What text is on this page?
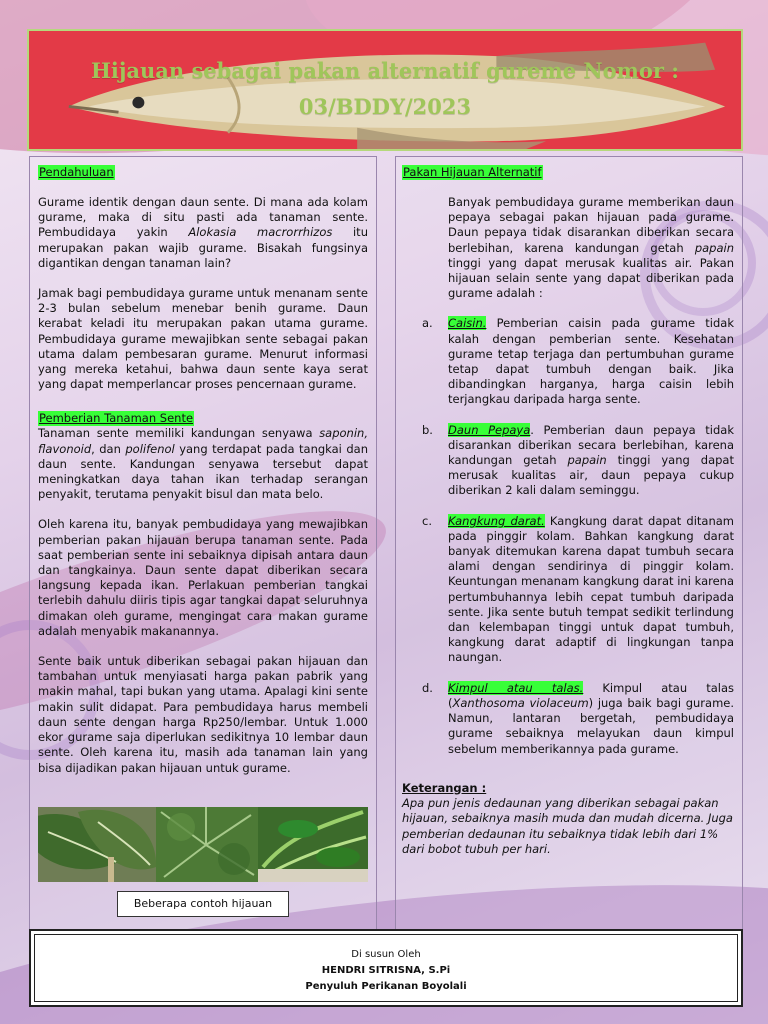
Hijauan sebagai pakan alternatif gureme Nomor : 03/BDDY/2023
Pendahuluan

Gurame identik dengan daun sente. Di mana ada kolam gurame, maka di situ pasti ada tanaman sente. Pembudidaya yakin Alokasia macrorrhizos itu merupakan pakan wajib gurame. Bisakah fungsinya digantikan dengan tanaman lain?

Jamak bagi pembudidaya gurame untuk menanam sente 2-3 bulan sebelum menebar benih gurame. Daun kerabat keladi itu merupakan pakan utama gurame. Pembudidaya gurame mewajibkan sente sebagai pakan utama dalam pembesaran gurame. Menurut informasi yang mereka ketahui, bahwa daun sente kaya serat yang dapat memperlancar proses pencernaan gurame.

Pemberian Tanaman Sente

Tanaman sente memiliki kandungan senyawa saponin, flavonoid, dan polifenol yang terdapat pada tangkai dan daun sente. Kandungan senyawa tersebut dapat meningkatkan daya tahan ikan terhadap serangan penyakit, terutama penyakit bisul dan mata belo.

Oleh karena itu, banyak pembudidaya yang mewajibkan pemberian pakan hijauan berupa tanaman sente. Pada saat pemberian sente ini sebaiknya dipisah antara daun dan tangkainya. Daun sente dapat diberikan secara langsung kepada ikan. Perlakuan pemberian tangkai terlebih dahulu diiris tipis agar tangkai dapat seluruhnya dimakan oleh gurame, mengingat cara makan gurame adalah menyabik makanannya.

Sente baik untuk diberikan sebagai pakan hijauan dan tambahan untuk menyiasati harga pakan pabrik yang makin mahal, tapi bukan yang utama. Apalagi kini sente makin sulit didapat. Para pembudidaya harus membeli daun sente dengan harga Rp250/lembar. Untuk 1.000 ekor gurame saja diperlukan sedikitnya 10 lembar daun sente. Oleh karena itu, masih ada tanaman lain yang bisa dijadikan pakan hijauan untuk gurame.

Beberapa contoh hijauan
Pakan Hijauan Alternatif

Banyak pembudidaya gurame memberikan daun pepaya sebagai pakan hijauan pada gurame. Daun pepaya tidak disarankan diberikan secara berlebihan, karena kandungan getah papain tinggi yang dapat merusak kualitas air. Pakan hijauan selain sente yang dapat diberikan pada gurame adalah :

a. Caisin. Pemberian caisin pada gurame tidak kalah dengan pemberian sente. Kesehatan gurame tetap terjaga dan pertumbuhan gurame tetap dapat tumbuh dengan baik. Jika dibandingkan harganya, harga caisin lebih terjangkau daripada harga sente.
b. Daun Pepaya. Pemberian daun pepaya tidak disarankan diberikan secara berlebihan, karena kandungan getah papain tinggi yang dapat merusak kualitas air, daun pepaya cukup diberikan 2 kali dalam seminggu.
c. Kangkung darat. Kangkung darat dapat ditanam pada pinggir kolam. Bahkan kangkung darat banyak ditemukan karena dapat tumbuh secara alami dengan sendirinya di pinggir kolam. Keuntungan menanam kangkung darat ini karena pertumbuhannya lebih cepat tumbuh daripada sente. Jika sente butuh tempat sedikit terlindung dan kelembapan tinggi untuk dapat tumbuh, kangkung darat adaptif di lingkungan tanpa naungan.
d. Kimpul atau talas. Kimpul atau talas (Xanthosoma violaceum) juga baik bagi gurame. Namun, lantaran bergetah, pembudidaya gurame sebaiknya melayukan daun kimpul sebelum memberikannya pada gurame.
Keterangan :

Apa pun jenis dedaunan yang diberikan sebagai pakan hijauan, sebaiknya masih muda dan mudah dicerna. Juga pemberian dedaunan itu sebaiknya tidak lebih dari 1% dari bobot tubuh per hari.

Di susun Oleh
HENDRI SITRISNA, S.Pi
Penyuluh Perikanan Boyolali
